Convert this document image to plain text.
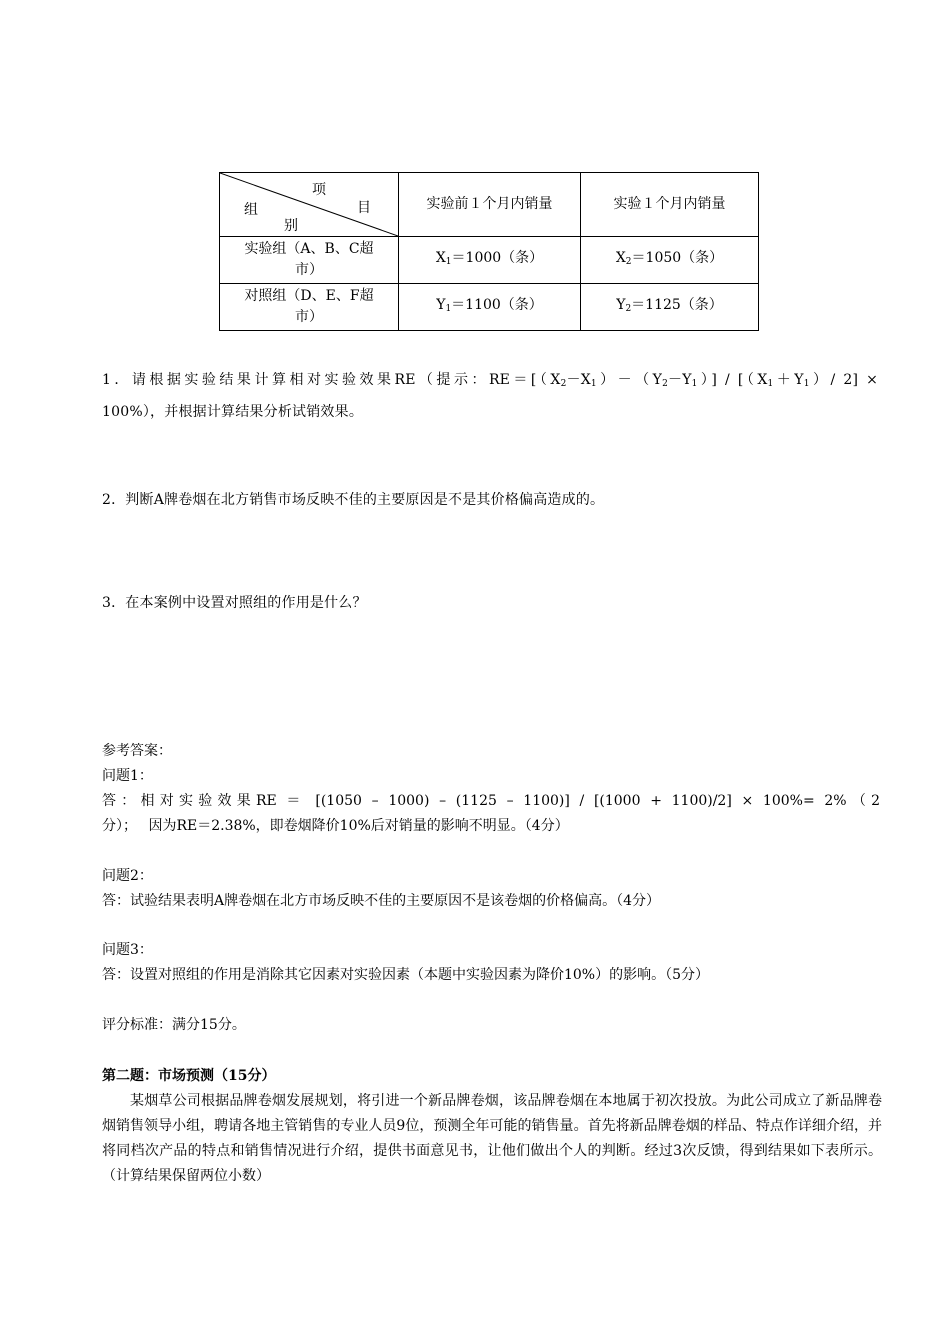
项
目
组
别	实验前１个月内销量	实验１个月内销量

实验组（A、B、C超
市）	$X_1=1000$（条）	$X_2=1050$（条）

对照组（D、E、F超
市）	$Y_1=1100$（条）	$Y_2=1125$（条）
1．请根据实验结果计算相对实验效果RE（提示：$RE=[(X_2-X_1)-(Y_2-Y_1)] / [(X_1+Y_1)/$ 2] ×
100%），并根据计算结果分析试销效果。
2．判断A牌卷烟在北方销售市场反映不佳的主要原因是不是其价格偏高造成的。
3．在本案例中设置对照组的作用是什么？
参考答案：
问题1：
答：相对实验效果RE ＝ [(1050 – 1000) – (1125 – 1100)] / [(1000 + 1100)/2] × 100%= 2%（2
分）；　 因为RE＝2.38%，即卷烟降价10%后对销量的影响不明显。（4分）
问题2：
答：试验结果表明A牌卷烟在北方市场反映不佳的主要原因不是该卷烟的价格偏高。（4分）
问题3：
答：设置对照组的作用是消除其它因素对实验因素（本题中实验因素为降价10%）的影响。（5分）
评分标准：满分15分。
第二题：市场预测（15分）
某烟草公司根据品牌卷烟发展规划，将引进一个新品牌卷烟，该品牌卷烟在本地属于初次投放。为此公司成立了新品牌卷烟销售领导小组，聘请各地主管销售的专业人员9位，预测全年可能的销售量。首先将新品牌卷烟的样品、特点作详细介绍，并将同档次产品的特点和销售情况进行介绍，提供书面意见书，让他们做出个人的判断。经过3次反馈，得到结果如下表所示。（计算结果保留两位小数）
